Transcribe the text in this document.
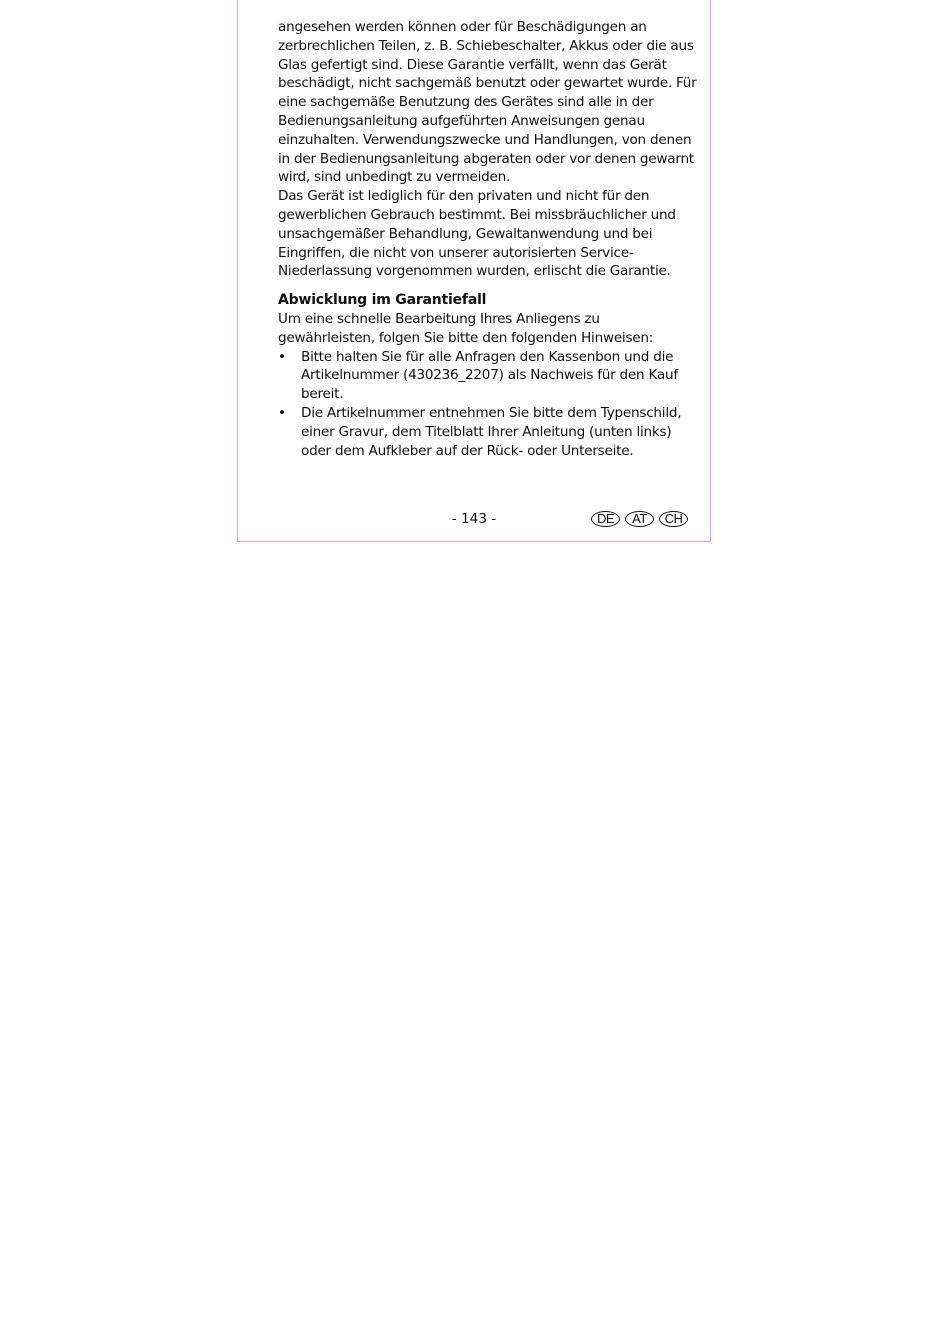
angesehen werden können oder für Beschädigungen an zerbrechlichen Teilen, z. B. Schiebeschalter, Akkus oder die aus Glas gefertigt sind. Diese Garantie verfällt, wenn das Gerät beschädigt, nicht sachgemäß benutzt oder gewartet wurde. Für eine sachgemäße Benutzung des Gerätes sind alle in der Bedienungsanleitung aufgeführten Anweisungen genau einzuhalten. Verwendungszwecke und Handlungen, von denen in der Bedienungsanleitung abgeraten oder vor denen gewarnt wird, sind unbedingt zu vermeiden.

Das Gerät ist lediglich für den privaten und nicht für den gewerblichen Gebrauch bestimmt. Bei missbräuchlicher und unsachgemäßer Behandlung, Gewaltanwendung und bei Eingriffen, die nicht von unserer autorisierten Service-Niederlassung vorgenommen wurden, erlischt die Garantie.

Abwicklung im Garantiefall

Um eine schnelle Bearbeitung Ihres Anliegens zu gewährleisten, folgen Sie bitte den folgenden Hinweisen:

• Bitte halten Sie für alle Anfragen den Kassenbon und die Artikelnummer (430236_2207) als Nachweis für den Kauf bereit.
• Die Artikelnummer entnehmen Sie bitte dem Typenschild, einer Gravur, dem Titelblatt Ihrer Anleitung (unten links) oder dem Aufkleber auf der Rück- oder Unterseite.
- 143 -	DE	AT	CH
